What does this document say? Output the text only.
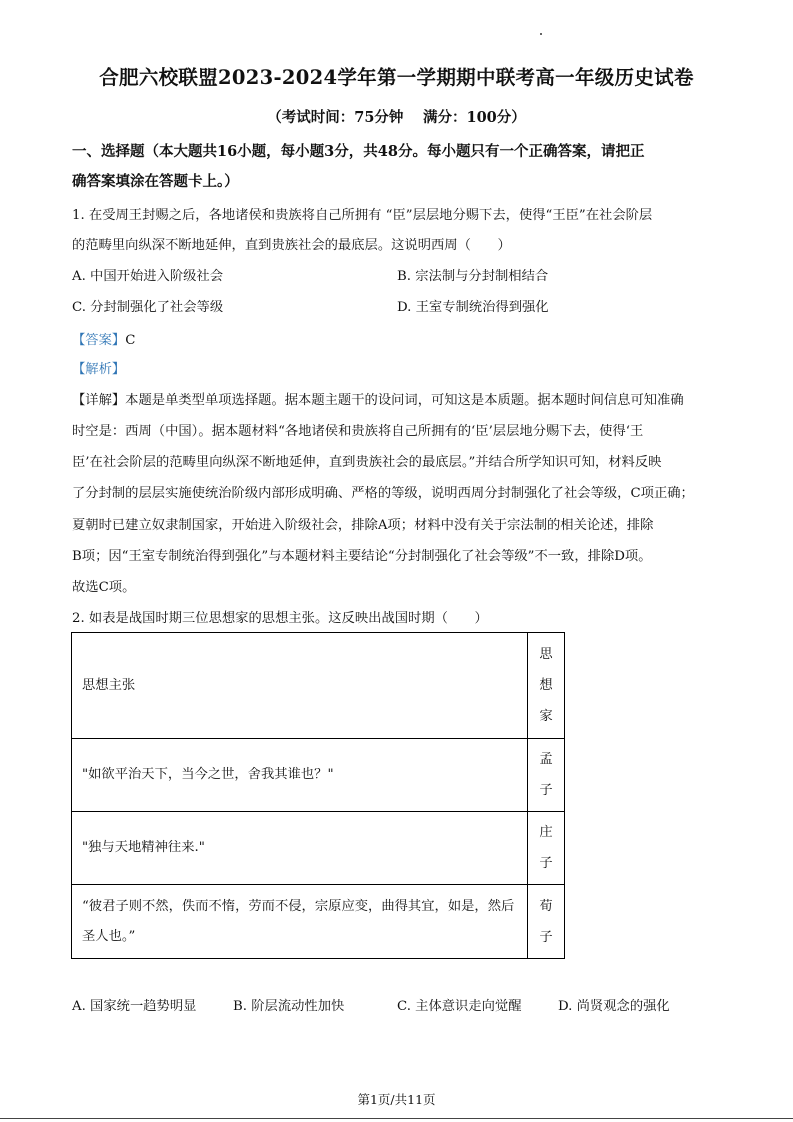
合肥六校联盟2023-2024学年第一学期期中联考高一年级历史试卷
（考试时间：75分钟　 满分：100分）
一、选择题（本大题共16小题，每小题3分，共48分。每小题只有一个正确答案，请把正
确答案填涂在答题卡上。）
1. 在受周王封赐之后，各地诸侯和贵族将自己所拥有 “臣”层层地分赐下去，使得“王臣”在社会阶层
的范畴里向纵深不断地延伸，直到贵族社会的最底层。这说明西周（　　）
A. 中国开始进入阶级社会	B. 宗法制与分封制相结合
C. 分封制强化了社会等级	D. 王室专制统治得到强化
【答案】C
【解析】
【详解】本题是单类型单项选择题。据本题主题干的设问词，可知这是本质题。据本题时间信息可知准确
时空是：西周（中国）。据本题材料“各地诸侯和贵族将自己所拥有的‘臣’层层地分赐下去，使得‘王
臣’在社会阶层的范畴里向纵深不断地延伸，直到贵族社会的最底层。”并结合所学知识可知，材料反映
了分封制的层层实施使统治阶级内部形成明确、严格的等级，说明西周分封制强化了社会等级，C项正确；
夏朝时已建立奴隶制国家，开始进入阶级社会，排除A项；材料中没有关于宗法制的相关论述，排除
B项；因“王室专制统治得到强化”与本题材料主要结论“分封制强化了社会等级”不一致，排除D项。
故选C项。
2. 如表是战国时期三位思想家的思想主张。这反映出战国时期（　　）
思想主张	思想家
"如欲平治天下，当今之世，舍我其谁也？"	孟子
"独与天地精神往来."	庄子
“彼君子则不然，佚而不惰，劳而不侵，宗原应变，曲得其宜，如是，然后圣人也。”	荀子
A. 国家统一趋势明显	B. 阶层流动性加快	C. 主体意识走向觉醒	D. 尚贤观念的强化
第1页/共11页
